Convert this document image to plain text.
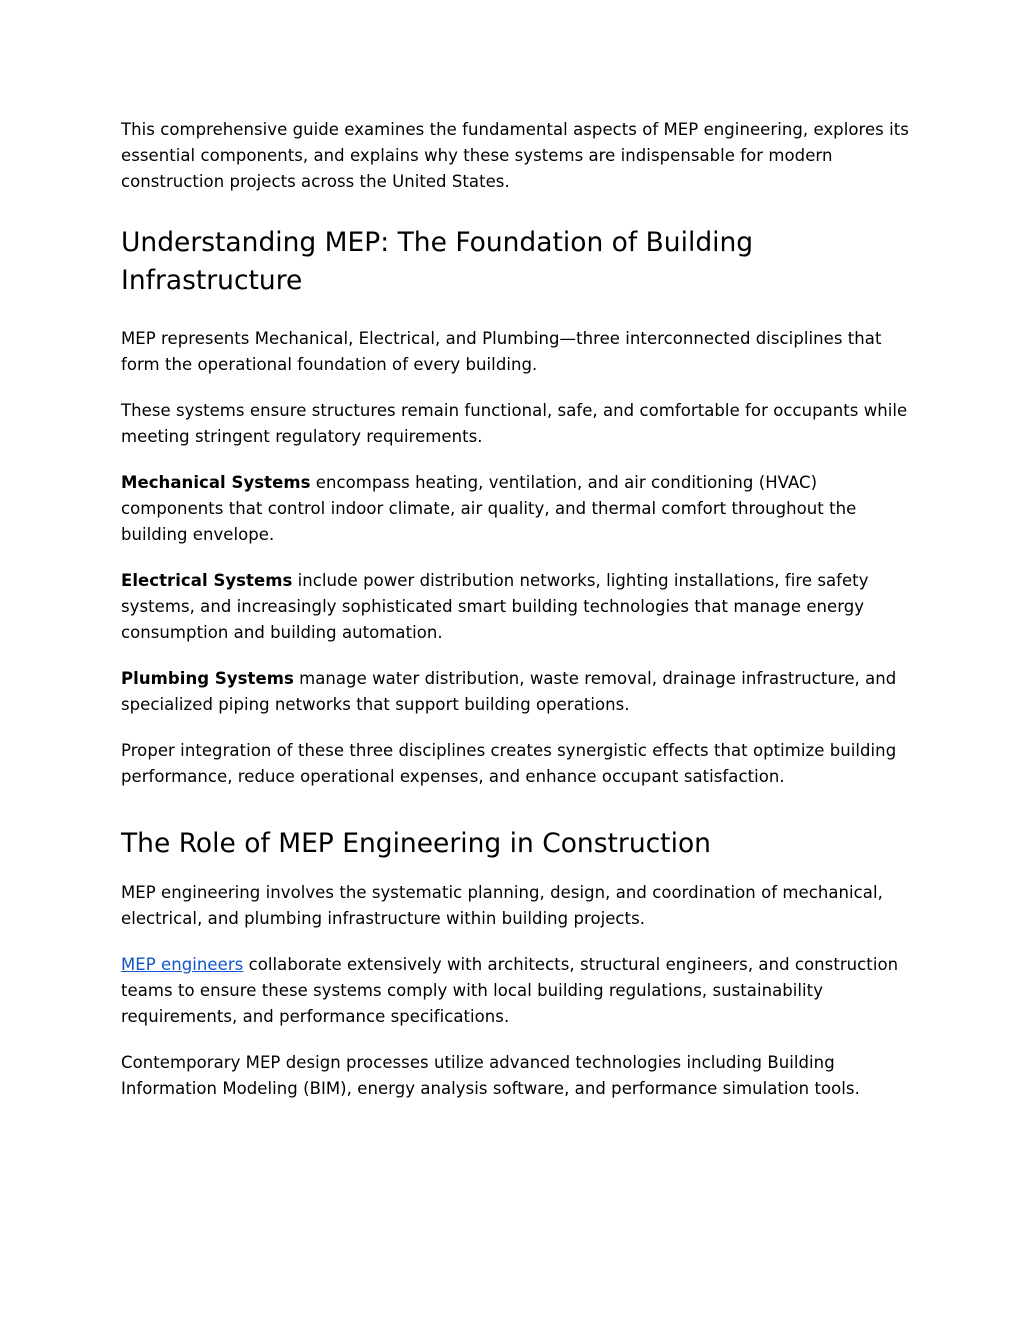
This comprehensive guide examines the fundamental aspects of MEP engineering, explores its essential components, and explains why these systems are indispensable for modern construction projects across the United States.

Understanding MEP: The Foundation of Building Infrastructure

MEP represents Mechanical, Electrical, and Plumbing—three interconnected disciplines that form the operational foundation of every building.

These systems ensure structures remain functional, safe, and comfortable for occupants while meeting stringent regulatory requirements.

Mechanical Systems encompass heating, ventilation, and air conditioning (HVAC) components that control indoor climate, air quality, and thermal comfort throughout the building envelope.

Electrical Systems include power distribution networks, lighting installations, fire safety systems, and increasingly sophisticated smart building technologies that manage energy consumption and building automation.

Plumbing Systems manage water distribution, waste removal, drainage infrastructure, and specialized piping networks that support building operations.

Proper integration of these three disciplines creates synergistic effects that optimize building performance, reduce operational expenses, and enhance occupant satisfaction.

The Role of MEP Engineering in Construction

MEP engineering involves the systematic planning, design, and coordination of mechanical, electrical, and plumbing infrastructure within building projects.

MEP engineers collaborate extensively with architects, structural engineers, and construction teams to ensure these systems comply with local building regulations, sustainability requirements, and performance specifications.

Contemporary MEP design processes utilize advanced technologies including Building Information Modeling (BIM), energy analysis software, and performance simulation tools.
